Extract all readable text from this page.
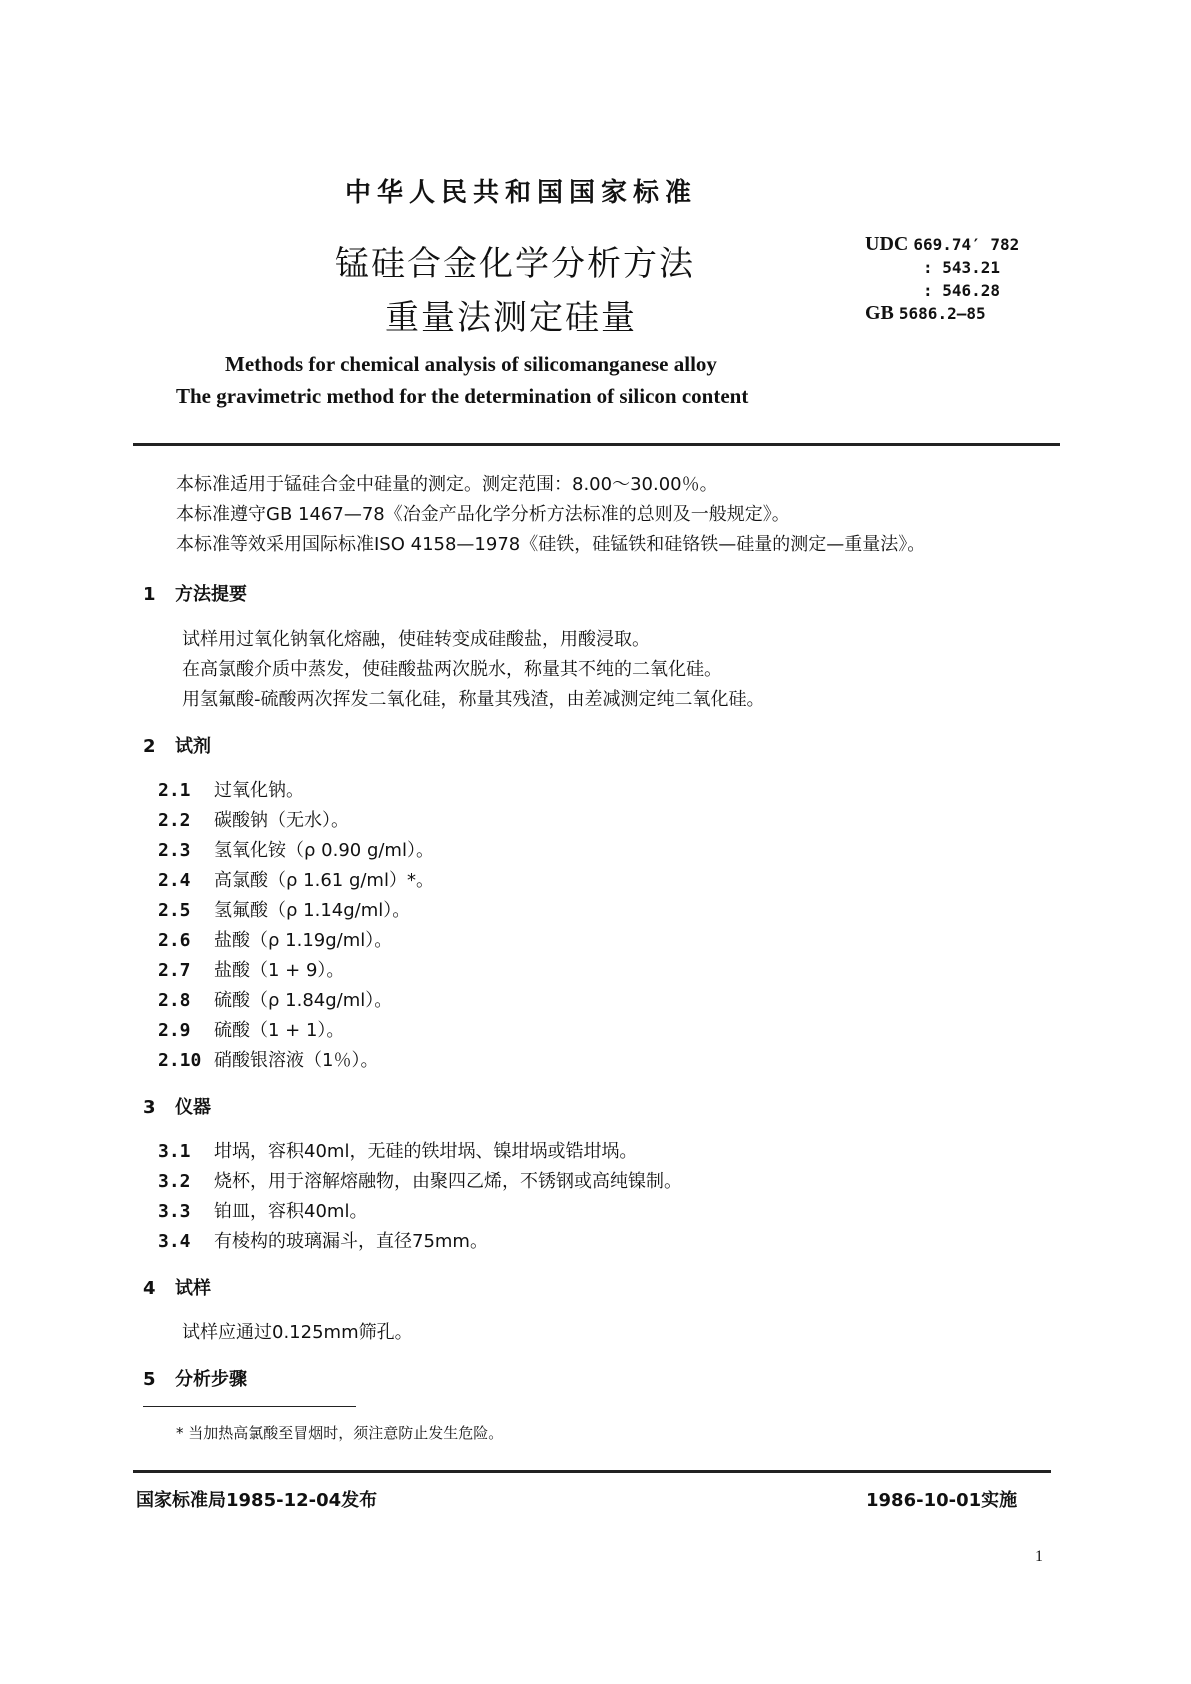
中华人民共和国国家标准
锰硅合金化学分析方法
重量法测定硅量
UDC 669.74′ 782
: 543.21
: 546.28
GB 5686.2—85
Methods for chemical analysis of silicomanganese alloy
The gravimetric method for the determination of silicon content
本标准适用于锰硅合金中硅量的测定。测定范围：8.00～30.00％。
本标准遵守GB 1467—78《冶金产品化学分析方法标准的总则及一般规定》。
本标准等效采用国际标准ISO 4158—1978《硅铁，硅锰铁和硅铬铁—硅量的测定—重量法》。
1 方法提要
试样用过氧化钠氧化熔融，使硅转变成硅酸盐，用酸浸取。
在高氯酸介质中蒸发，使硅酸盐两次脱水，称量其不纯的二氧化硅。
用氢氟酸-硫酸两次挥发二氧化硅，称量其残渣，由差减测定纯二氧化硅。
2 试剂
2.1 过氧化钠。
2.2 碳酸钠（无水）。
2.3 氢氧化铵（ρ 0.90 g/ml）。
2.4 高氯酸（ρ 1.61 g/ml）*。
2.5 氢氟酸（ρ 1.14g/ml）。
2.6 盐酸（ρ 1.19g/ml）。
2.7 盐酸（1 + 9）。
2.8 硫酸（ρ 1.84g/ml）。
2.9 硫酸（1 + 1）。
2.10 硝酸银溶液（1％）。
3 仪器
3.1 坩埚，容积40ml，无硅的铁坩埚、镍坩埚或锆坩埚。
3.2 烧杯，用于溶解熔融物，由聚四乙烯，不锈钢或高纯镍制。
3.3 铂皿，容积40ml。
3.4 有棱构的玻璃漏斗，直径75mm。
4 试样
试样应通过0.125mm筛孔。
5 分析步骤
* 当加热高氯酸至冒烟时，须注意防止发生危险。
国家标准局1985-12-04发布	1986-10-01实施
1
